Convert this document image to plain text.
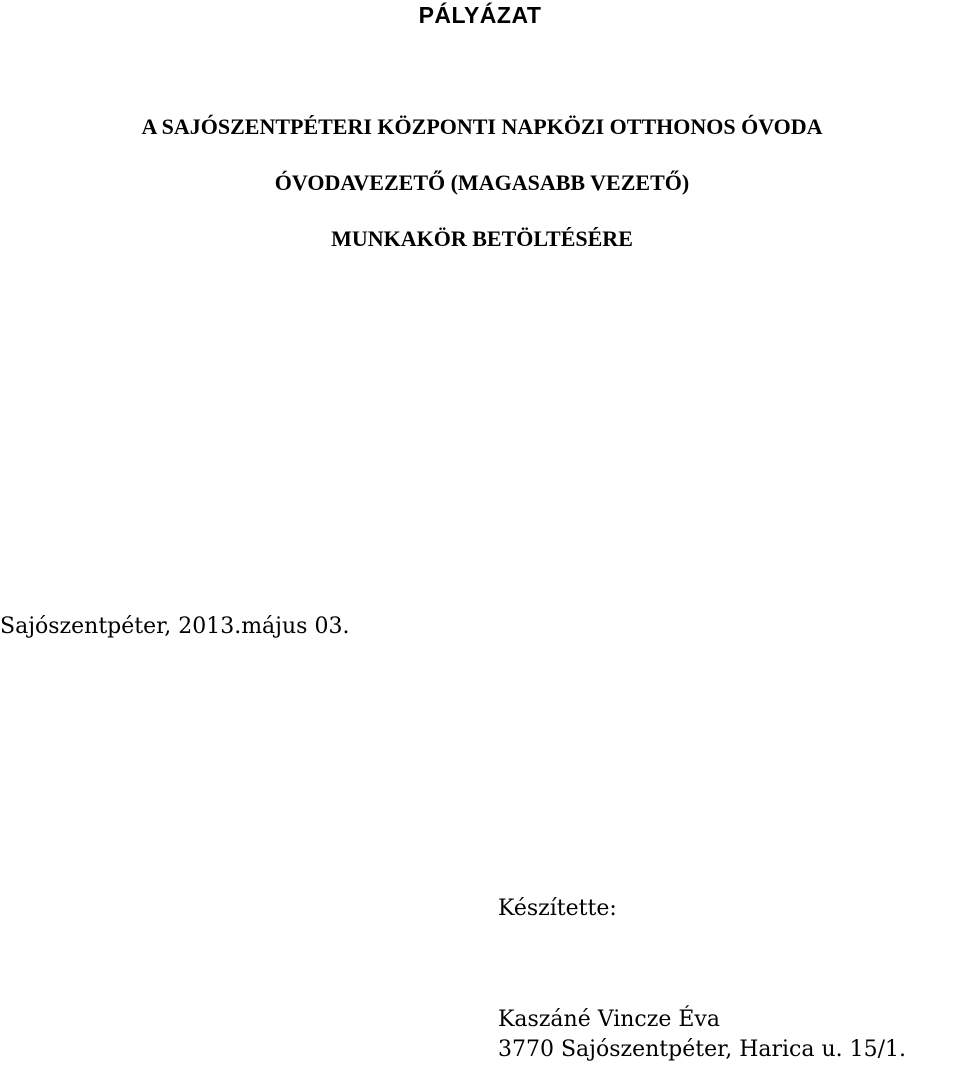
PÁLYÁZAT
A SAJÓSZENTPÉTERI KÖZPONTI NAPKÖZI OTTHONOS ÓVODA
ÓVODAVEZETŐ (MAGASABB VEZETŐ)
MUNKAKÖR BETÖLTÉSÉRE
Sajószentpéter, 2013.május 03.
Készítette:
Kaszáné Vincze Éva
3770 Sajószentpéter, Harica u. 15/1.
